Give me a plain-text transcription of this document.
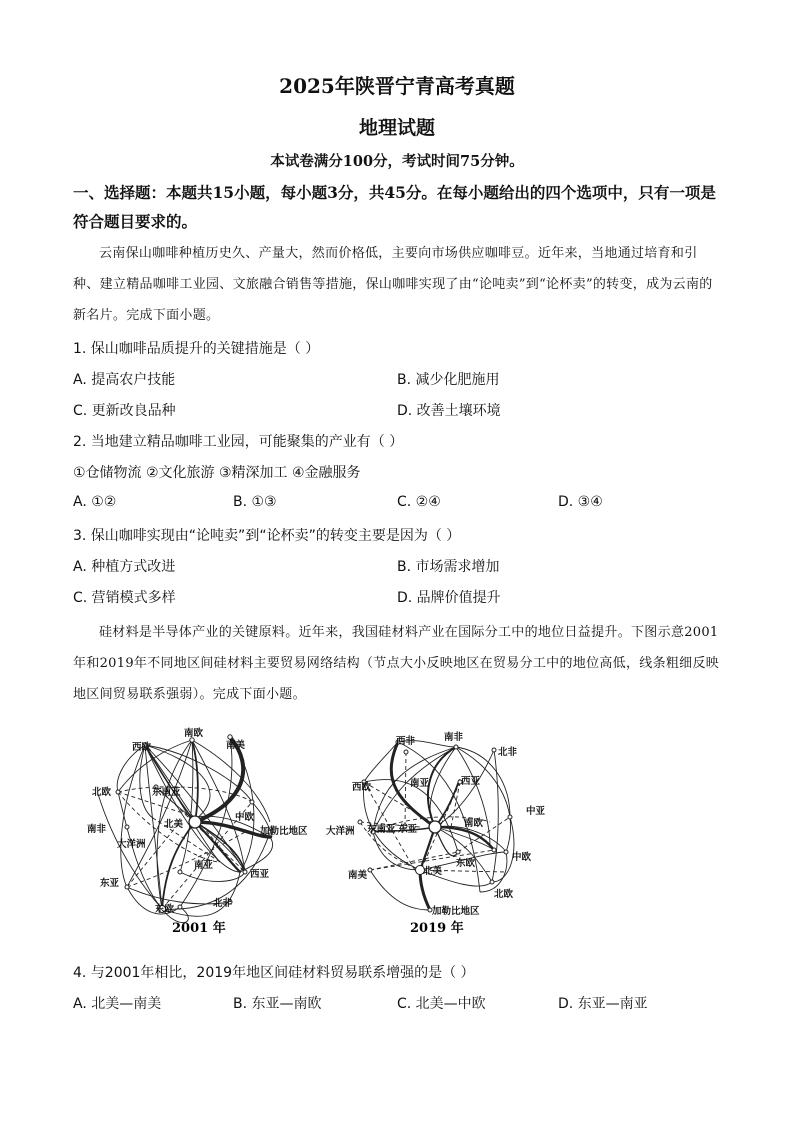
2025年陕晋宁青高考真题
地理试题
本试卷满分100分，考试时间75分钟。
一、选择题：本题共15小题，每小题3分，共45分。在每小题给出的四个选项中，只有一项是符合题目要求的。
云南保山咖啡种植历史久、产量大，然而价格低，主要向市场供应咖啡豆。近年来，当地通过培育和引种、建立精品咖啡工业园、文旅融合销售等措施，保山咖啡实现了由“论吨卖”到“论杯卖”的转变，成为云南的新名片。完成下面小题。
1. 保山咖啡品质提升的关键措施是（ ）
A. 提高农户技能	B. 减少化肥施用
C. 更新改良品种	D. 改善土壤环境
2. 当地建立精品咖啡工业园，可能聚集的产业有（ ）
①仓储物流 ②文化旅游 ③精深加工 ④金融服务
A. ①②	B. ①③	C. ②④	D. ③④
3. 保山咖啡实现由“论吨卖”到“论杯卖”的转变主要是因为（ ）
A. 种植方式改进	B. 市场需求增加
C. 营销模式多样	D. 品牌价值提升
硅材料是半导体产业的关键原料。近年来，我国硅材料产业在国际分工中的地位日益提升。下图示意2001年和2019年不同地区间硅材料主要贸易网络结构（节点大小反映地区在贸易分工中的地位高低，线条粗细反映地区间贸易联系强弱）。完成下面小题。
南欧
南美
西欧
东南亚
北欧
北美
中欧
加勒比地区
南非
大洋洲
南亚
西亚
东亚
北非
东欧
2001 年
西非	南非
北非
西亚
西欧	南亚
中亚
东南亚 东亚
南欧
大洋洲
东欧
中欧
南美	北美
北欧
加勒比地区
2019 年
4. 与2001年相比，2019年地区间硅材料贸易联系增强的是（ ）
A. 北美—南美	B. 东亚—南欧	C. 北美—中欧	D. 东亚—南亚
